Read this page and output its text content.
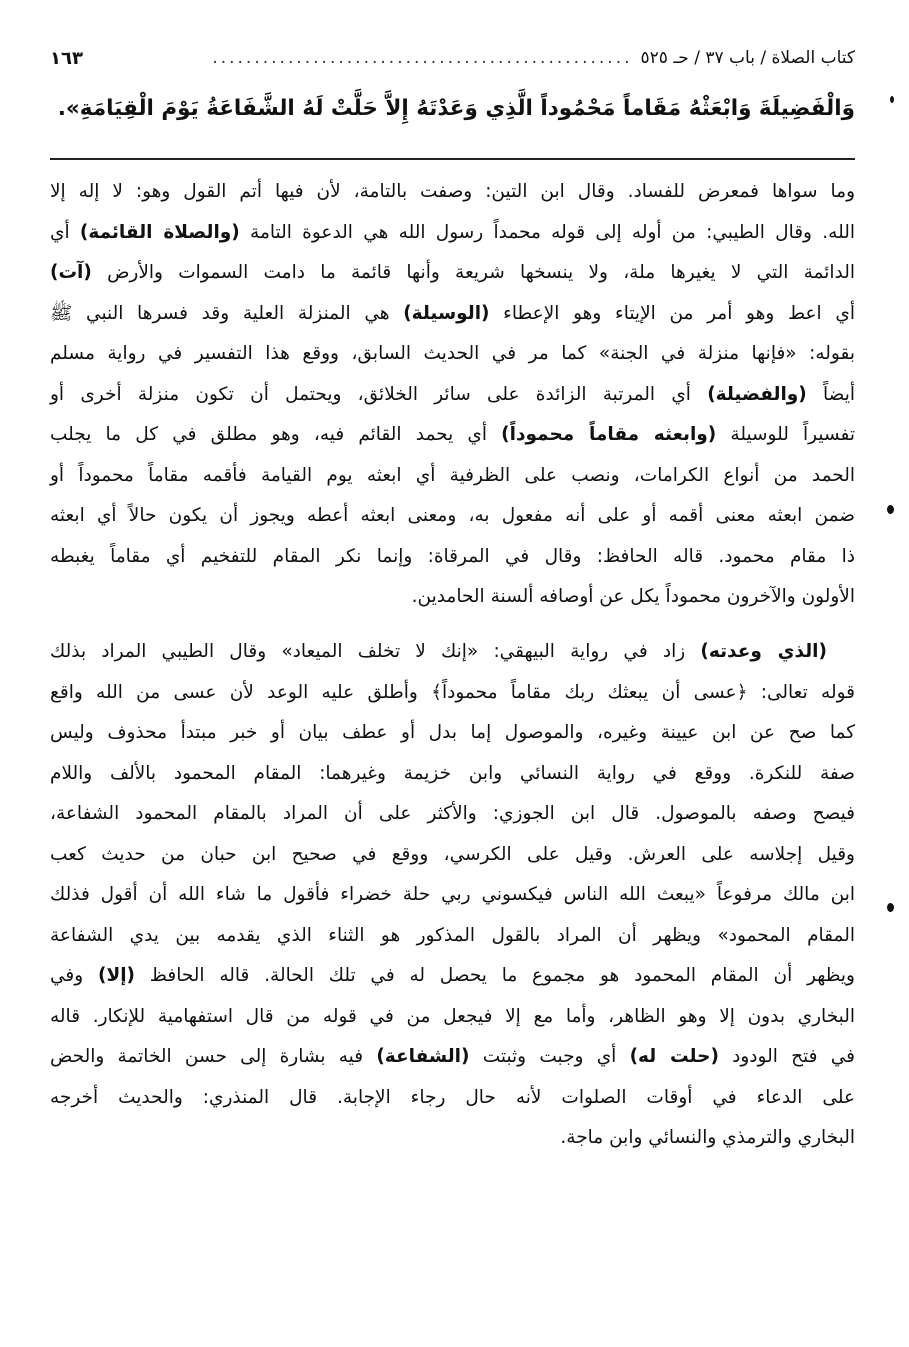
كتاب الصلاة / باب ٣٧ / حـ ٥٢٥
..................................................
١٦٣
وَالْفَضِيلَةَ وَابْعَثْهُ مَقَاماً مَحْمُوداً الَّذِي وَعَدْتَهُ إِلاَّ حَلَّتْ لَهُ الشَّفَاعَةُ يَوْمَ الْقِيَامَةِ».
وما سواها فمعرض للفساد. وقال ابن التين: وصفت بالتامة، لأن فيها أتم القول وهو: لا إله إلا
الله. وقال الطيبي: من أوله إلى قوله محمداً رسول الله هي الدعوة التامة (والصلاة القائمة) أي
الدائمة التي لا يغيرها ملة، ولا ينسخها شريعة وأنها قائمة ما دامت السموات والأرض (آت)
أي اعط وهو أمر من الإيتاء وهو الإعطاء (الوسيلة) هي المنزلة العلية وقد فسرها النبي ﷺ
بقوله: «فإنها منزلة في الجنة» كما مر في الحديث السابق، ووقع هذا التفسير في رواية مسلم
أيضاً (والفضيلة) أي المرتبة الزائدة على سائر الخلائق، ويحتمل أن تكون منزلة أخرى أو
تفسيراً للوسيلة (وابعثه مقاماً محموداً) أي يحمد القائم فيه، وهو مطلق في كل ما يجلب
الحمد من أنواع الكرامات، ونصب على الظرفية أي ابعثه يوم القيامة فأقمه مقاماً محموداً أو
ضمن ابعثه معنى أقمه أو على أنه مفعول به، ومعنى ابعثه أعطه ويجوز أن يكون حالاً أي ابعثه
ذا مقام محمود. قاله الحافظ: وقال في المرقاة: وإنما نكر المقام للتفخيم أي مقاماً يغبطه
الأولون والآخرون محموداً يكل عن أوصافه ألسنة الحامدين.
(الذي وعدته) زاد في رواية البيهقي: «إنك لا تخلف الميعاد» وقال الطيبي المراد بذلك
قوله تعالى: ﴿عسى أن يبعثك ربك مقاماً محموداً﴾ وأطلق عليه الوعد لأن عسى من الله واقع
كما صح عن ابن عيينة وغيره، والموصول إما بدل أو عطف بيان أو خبر مبتدأ محذوف وليس
صفة للنكرة. ووقع في رواية النسائي وابن خزيمة وغيرهما: المقام المحمود بالألف واللام
فيصح وصفه بالموصول. قال ابن الجوزي: والأكثر على أن المراد بالمقام المحمود الشفاعة،
وقيل إجلاسه على العرش. وقيل على الكرسي، ووقع في صحيح ابن حبان من حديث كعب
ابن مالك مرفوعاً «يبعث الله الناس فيكسوني ربي حلة خضراء فأقول ما شاء الله أن أقول فذلك
المقام المحمود» ويظهر أن المراد بالقول المذكور هو الثناء الذي يقدمه بين يدي الشفاعة
ويظهر أن المقام المحمود هو مجموع ما يحصل له في تلك الحالة. قاله الحافظ (إلا) وفي
البخاري بدون إلا وهو الظاهر، وأما مع إلا فيجعل من في قوله من قال استفهامية للإنكار. قاله
في فتح الودود (حلت له) أي وجبت وثبتت (الشفاعة) فيه بشارة إلى حسن الخاتمة والحض
على الدعاء في أوقات الصلوات لأنه حال رجاء الإجابة. قال المنذري: والحديث أخرجه
البخاري والترمذي والنسائي وابن ماجة.
